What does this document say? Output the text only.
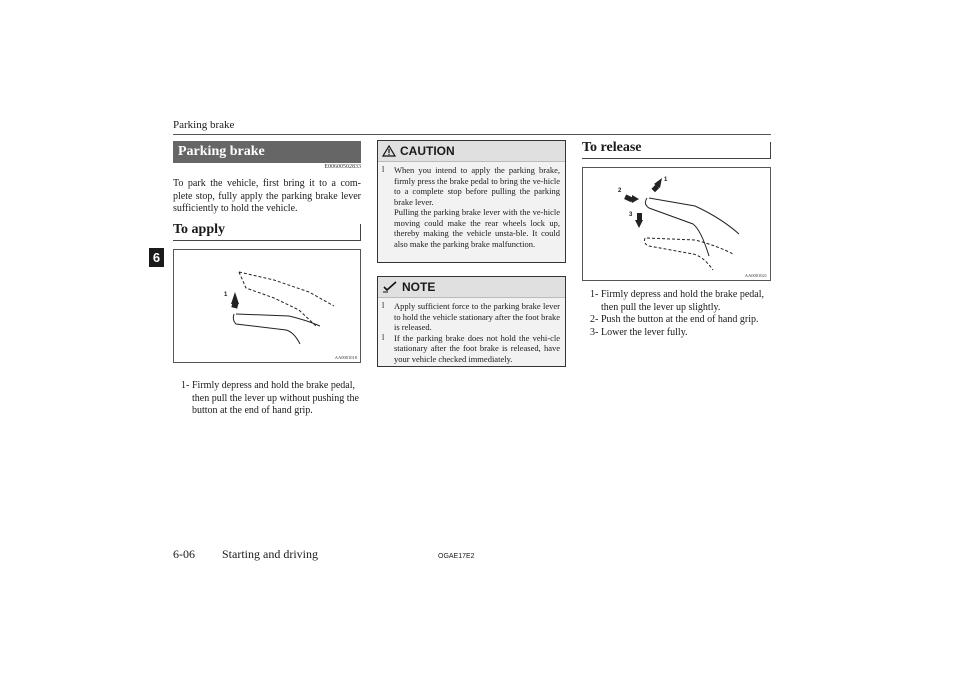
Parking brake
6
Parking brake
E00600502833
To park the vehicle, first bring it to a com-plete stop, fully apply the parking brake lever sufficiently to hold the vehicle.
To apply
1
AA0001018
1- Firmly depress and hold the brake pedal,
then pull the lever up without pushing the button at the end of hand grip.
CAUTION
l	When you intend to apply the parking brake, firmly press the brake pedal to bring the ve-hicle to a complete stop before pulling the parking brake lever.
Pulling the parking brake lever with the ve-hicle moving could make the rear wheels lock up, thereby making the vehicle unsta-ble. It could also make the parking brake malfunction.
NOTE
l	Apply sufficient force to the parking brake lever to hold the vehicle stationary after the foot brake is released.
l	If the parking brake does not hold the vehi-cle stationary after the foot brake is released, have your vehicle checked immediately.
To release
1
2
3
AA0001021
1- Firmly depress and hold the brake pedal,
then pull the lever up slightly.
2- Push the button at the end of hand grip.
3- Lower the lever fully.
6-06 Starting and driving	OGAE17E2
